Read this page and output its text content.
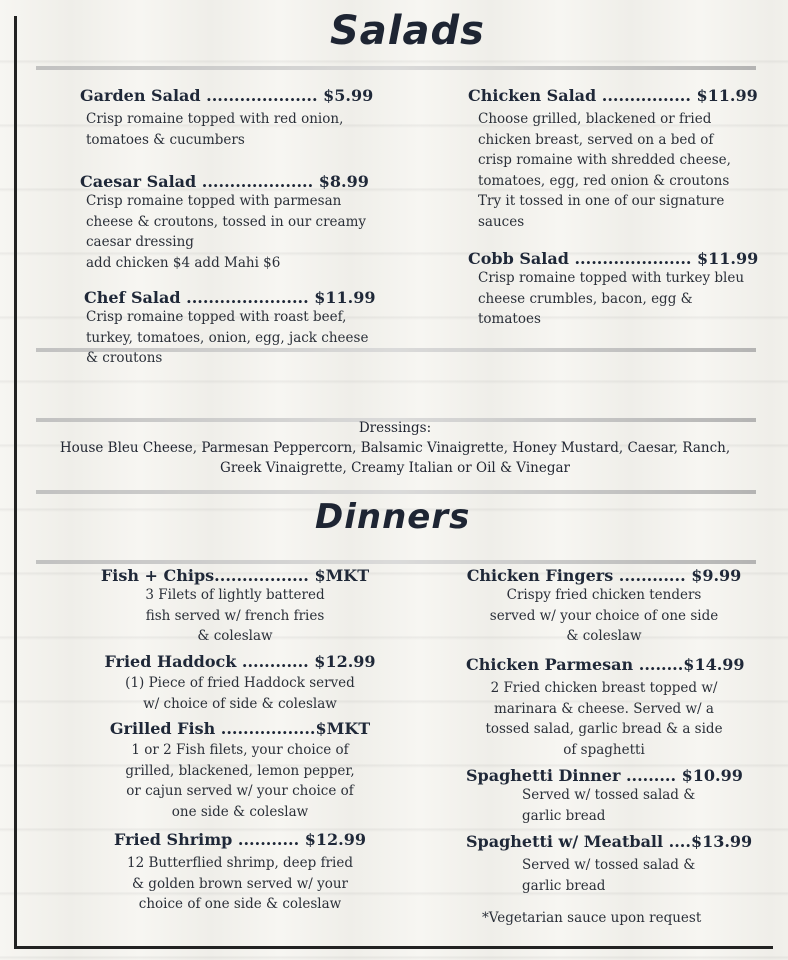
Salads
Garden Salad .................... $5.99
Crisp romaine topped with red onion, tomatoes & cucumbers
Caesar Salad .................... $8.99
Crisp romaine topped with parmesan cheese & croutons, tossed in our creamy caesar dressing
add chicken $4 add Mahi $6
Chef Salad ...................... $11.99
Crisp romaine topped with roast beef, turkey, tomatoes, onion, egg, jack cheese & croutons
Chicken Salad ................ $11.99
Choose grilled, blackened or fried chicken breast, served on a bed of crisp romaine with shredded cheese, tomatoes, egg, red onion & croutons Try it tossed in one of our signature sauces
Cobb Salad ..................... $11.99
Crisp romaine topped with turkey bleu cheese crumbles, bacon, egg & tomatoes
Dressings:
House Bleu Cheese, Parmesan Peppercorn, Balsamic Vinaigrette, Honey Mustard, Caesar, Ranch, Greek Vinaigrette, Creamy Italian or Oil & Vinegar
Dinners
Fish + Chips................. $MKT
3 Filets of lightly battered fish served w/ french fries & coleslaw
Fried Haddock ............ $12.99
(1) Piece of fried Haddock served w/ choice of side & coleslaw
Grilled Fish .................$MKT
1 or 2 Fish filets, your choice of grilled, blackened, lemon pepper, or cajun served w/ your choice of one side & coleslaw
Fried Shrimp ........... $12.99
12 Butterflied shrimp, deep fried & golden brown served w/ your choice of one side & coleslaw
Chicken Fingers ............ $9.99
Crispy fried chicken tenders served w/ your choice of one side & coleslaw
Chicken Parmesan ........$14.99
2 Fried chicken breast topped w/ marinara & cheese. Served w/ a tossed salad, garlic bread & a side of spaghetti
Spaghetti Dinner ......... $10.99
Served w/ tossed salad & garlic bread
Spaghetti w/ Meatball ....$13.99
Served w/ tossed salad & garlic bread
*Vegetarian sauce upon request
